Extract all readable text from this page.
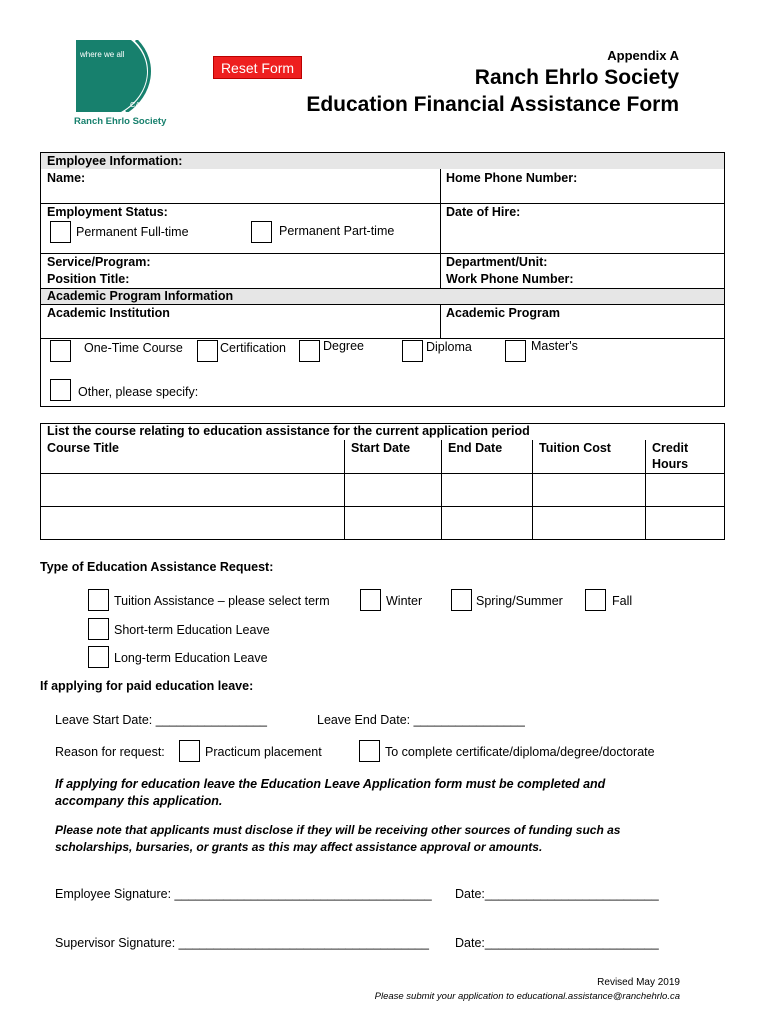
where we all
CARE
Ranch Ehrlo Society
Reset Form
Appendix A
Ranch Ehrlo Society
Education Financial Assistance Form
Employee Information:
Name:	Home Phone Number:
Employment Status:
Permanent Full-time	Permanent Part-time
Date of Hire:
Service/Program:	Department/Unit:
Position Title:	Work Phone Number:
Academic Program Information
Academic Institution	Academic Program
One-Time Course	Certification	Degree	Diploma	Master's
Other, please specify:
List the course relating to education assistance for the current application period
Course Title	Start Date	End Date	Tuition Cost	Credit
Hours
Type of Education Assistance Request:
Tuition Assistance – please select term	Winter	Spring/Summer	Fall
Short-term Education Leave
Long-term Education Leave
If applying for paid education leave:
Leave Start Date: ________________	Leave End Date: ________________
Reason for request:	Practicum placement	To complete certificate/diploma/degree/doctorate
If applying for education leave the Education Leave Application form must be completed and
accompany this application.
Please note that applicants must disclose if they will be receiving other sources of funding such as
scholarships, bursaries, or grants as this may affect assistance approval or amounts.
Employee Signature: _____________________________________ Date:_________________________
Supervisor Signature: ____________________________________ Date:_________________________
Revised May 2019
Please submit your application to educational.assistance@ranchehrlo.ca
